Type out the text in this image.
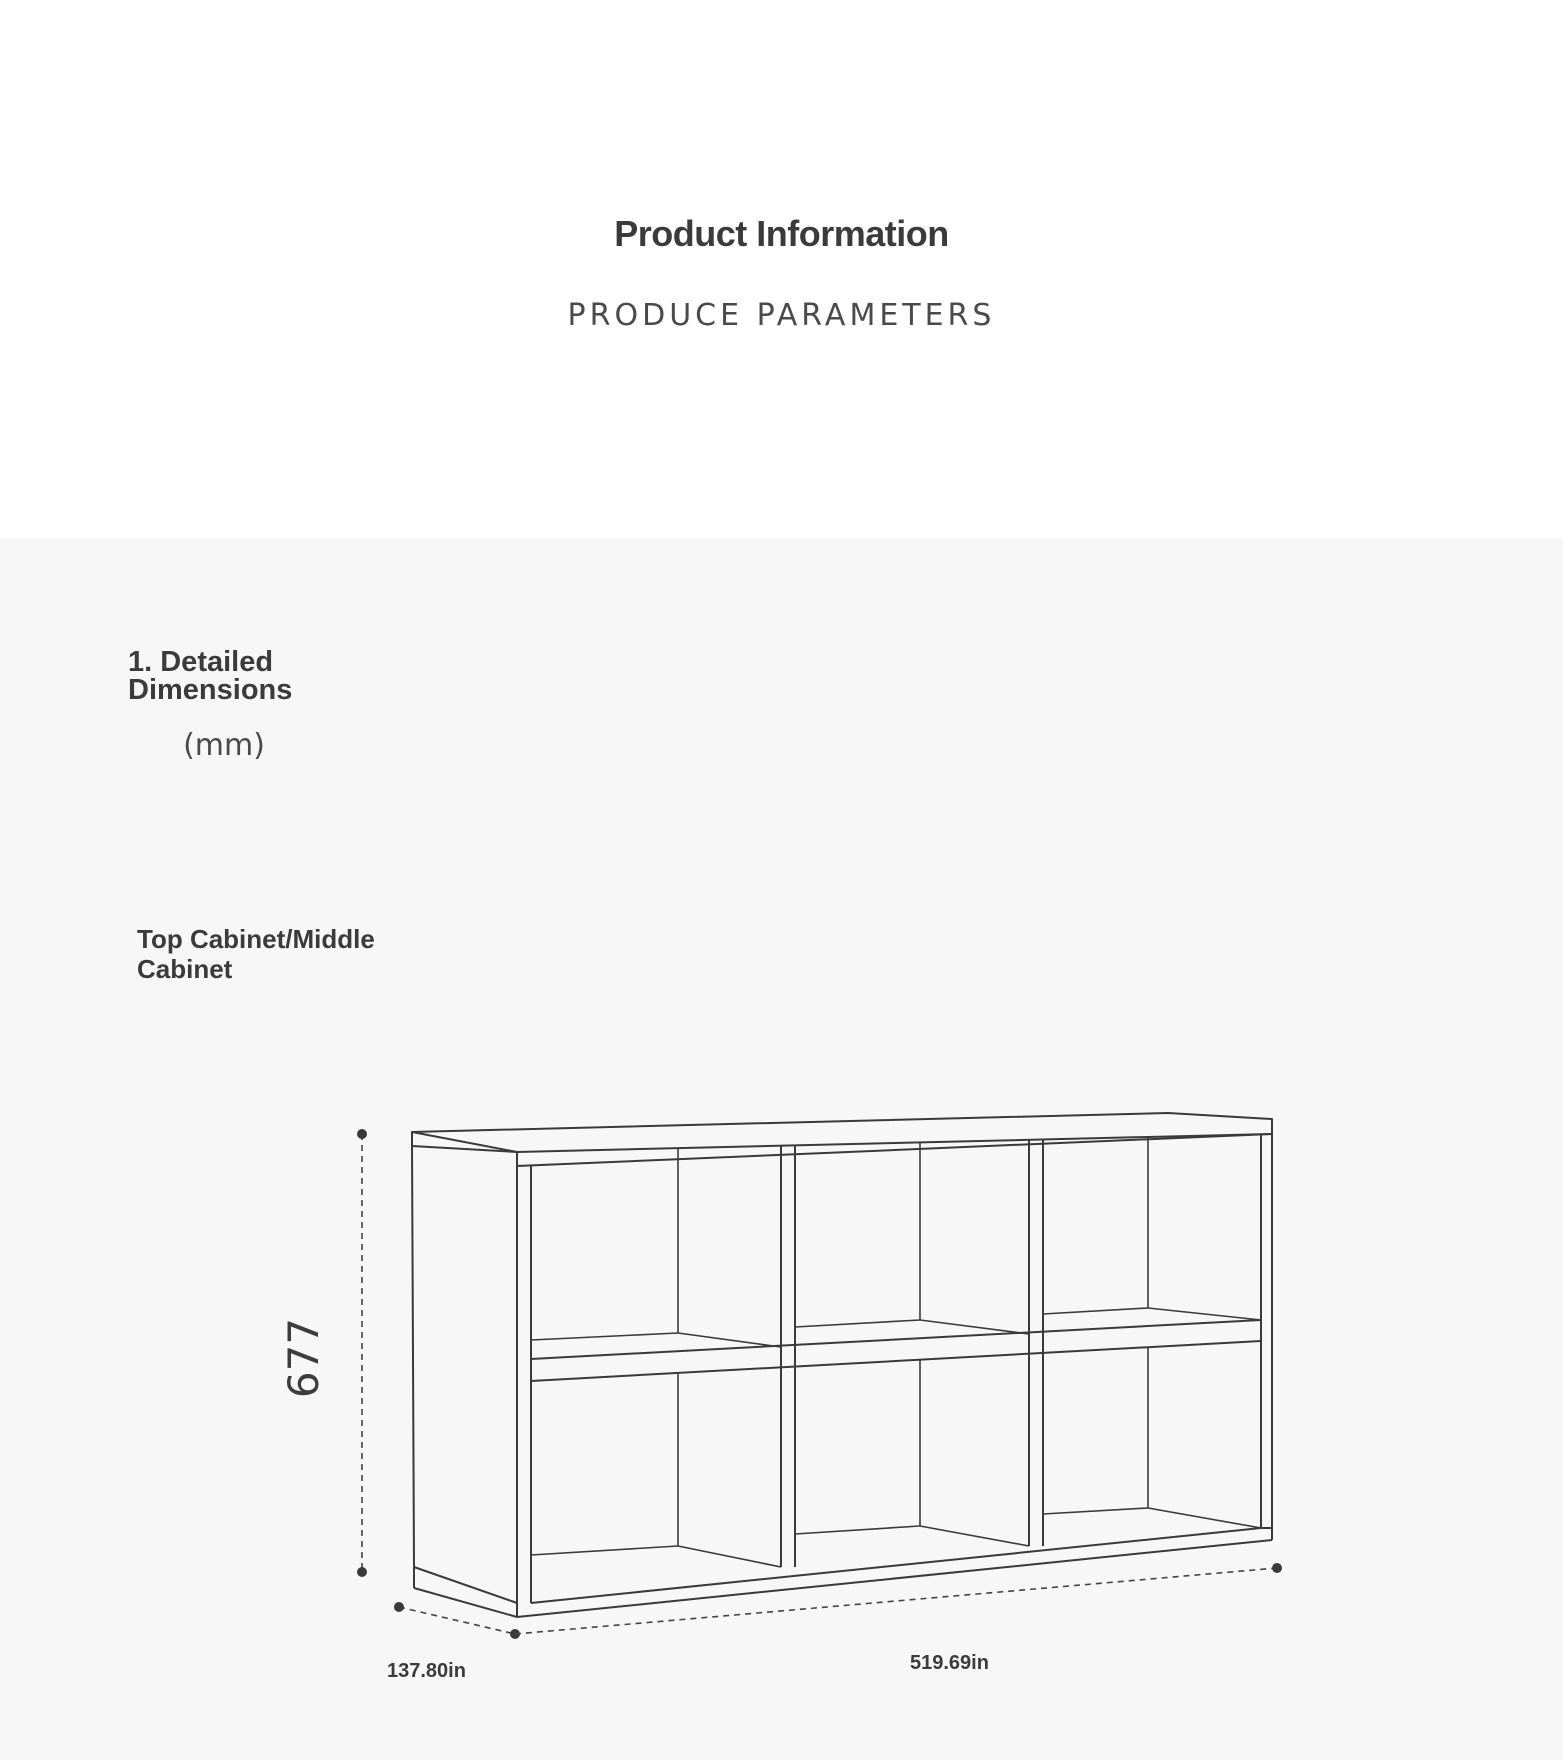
Product Information
PRODUCE PARAMETERS
1. Detailed Dimensions
(mm)
Top Cabinet/Middle Cabinet
677
137.80in	519.69in
